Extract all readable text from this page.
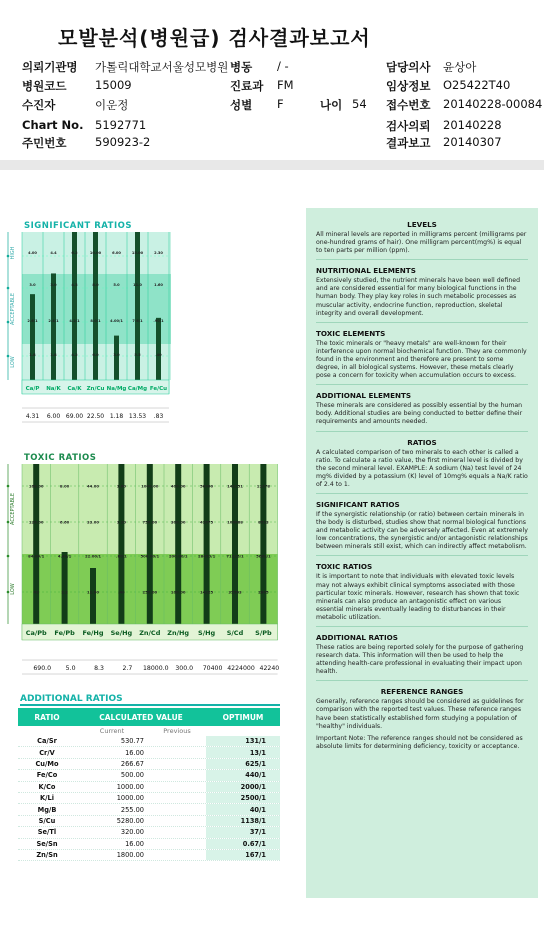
모발분석(병원급) 검사결과보고서
의뢰기관명 가톨릭대학교서울성모병원
병원코드 15009
수진자	이운정
Chart No. 5192771
주민번호 590923-2
병동 / -
진료과 FM
성별 F	나이 54
담당의사 윤상아
임상정보 O25422T40
접수번호 20140228-00084
검사의뢰 20140228
결과보고 20140307
SIGNIFICANT RATIOS
HIGH
ACCEPTABLE
LOW
4.00
3.0
2.6/1
1.8
4.31
4.4
3.0
2.4/1
1.8
6.00
6.2
4.3
4.2/1
4.2
69.00
10.00
8.0
8.0/1
6.0
22.50
6.00
5.0
4.00/1
3.0
1.18
15.00
11.0
7.6/1
5.5
13.53
2.30
1.60
.90/1
.40
.83
Ca/P Na/K Ca/K Zn/Cu Na/Mg Ca/Mg Fe/Cu
TOXIC RATIOS
ACCEPTABLE
LOW
168.00
126.00
84.00/1
42
8.00
6.60
4.40/1
2.2
44.00
33.00
22.00/1
11.00
1.60
1.20
.80/1
.40
1000.00
750.00
500.00/1
250.00
400.00
300.00
200.00/1
100.00
56900
42675
28450/1
14225
142251
106688
71125/1
35563
11378
8533
5689/1
2845
Ca/Pb
690.0
Fe/Pb
5.0
Fe/Hg
8.3
Se/Hg
2.7
Zn/Cd
18000.0
Zn/Hg
300.0
S/Hg
70400
S/Cd
4224000
S/Pb
42240
ADDITIONAL RATIOS
RATIO	CALCULATED VALUE	OPTIMUM
Current	Previous
Ca/Sr	530.77	131/1
Cr/V	16.00	13/1
Cu/Mo	266.67	625/1
Fe/Co	500.00	440/1
K/Co	1000.00	2000/1
K/Li	1000.00	2500/1
Mg/B	255.00	40/1
S/Cu	5280.00	1138/1
Se/Tl	320.00	37/1
Se/Sn	16.00	0.67/1
Zn/Sn	1800.00	167/1
LEVELS
All mineral levels are reported in milligrams percent (milligrams per one-hundred grams of hair). One milligram percent(mg%) is equal to ten parts per million (ppm).
NUTRITIONAL ELEMENTS
Extensively studied, the nutrient minerals have been well defined and are considered essential for many biological functions in the human body. They play key roles in such metabolic processes as muscular activity, endocrine function, reproduction, skeletal integrity and overall development.
TOXIC ELEMENTS
The toxic minerals or "heavy metals" are well-known for their interference upon normal biochemical function. They are commonly found in the environment and therefore are present to some degree, in all biological systems. However, these metals clearly pose a concern for toxicity when accumulation occurs to excess.
ADDITIONAL ELEMENTS
These minerals are considered as possibly essential by the human body. Additional studies are being conducted to better define their requirements and amounts needed.
RATIOS
A calculated comparison of two minerals to each other is called a ratio. To calculate a ratio value, the first mineral level is divided by the second mineral level. EXAMPLE: A sodium (Na) test level of 24 mg% divided by a potassium (K) level of 10mg% equals a Na/K ratio of 2.4 to 1.
SIGNIFICANT RATIOS
If the synergistic relationship (or ratio) between certain minerals in the body is disturbed, studies show that normal biological functions and metabolic activity can be adversely affected. Even at extremely low concentrations, the synergistic and/or antagonistic relationships between minerals still exist, which can indirectly affect metabolism.
TOXIC RATIOS
It is important to note that individuals with elevated toxic levels may not always exhibit clinical symptoms associated with those particular toxic minerals. However, research has shown that toxic minerals can also produce an antagonistic effect on various essential minerals eventually leading to disturbances in their metabolic utilization.
ADDITIONAL RATIOS
These ratios are being reported solely for the purpose of gathering research data. This information will then be used to help the attending health-care professional in evaluating their impact upon health.
REFERENCE RANGES
Generally, reference ranges should be considered as guidelines for comparison with the reported test values. These reference ranges have been statistically established form studying a population of "healthy" individuals.
Important Note: The reference ranges should not be considered as absolute limits for determining deficiency, toxicity or acceptance.
